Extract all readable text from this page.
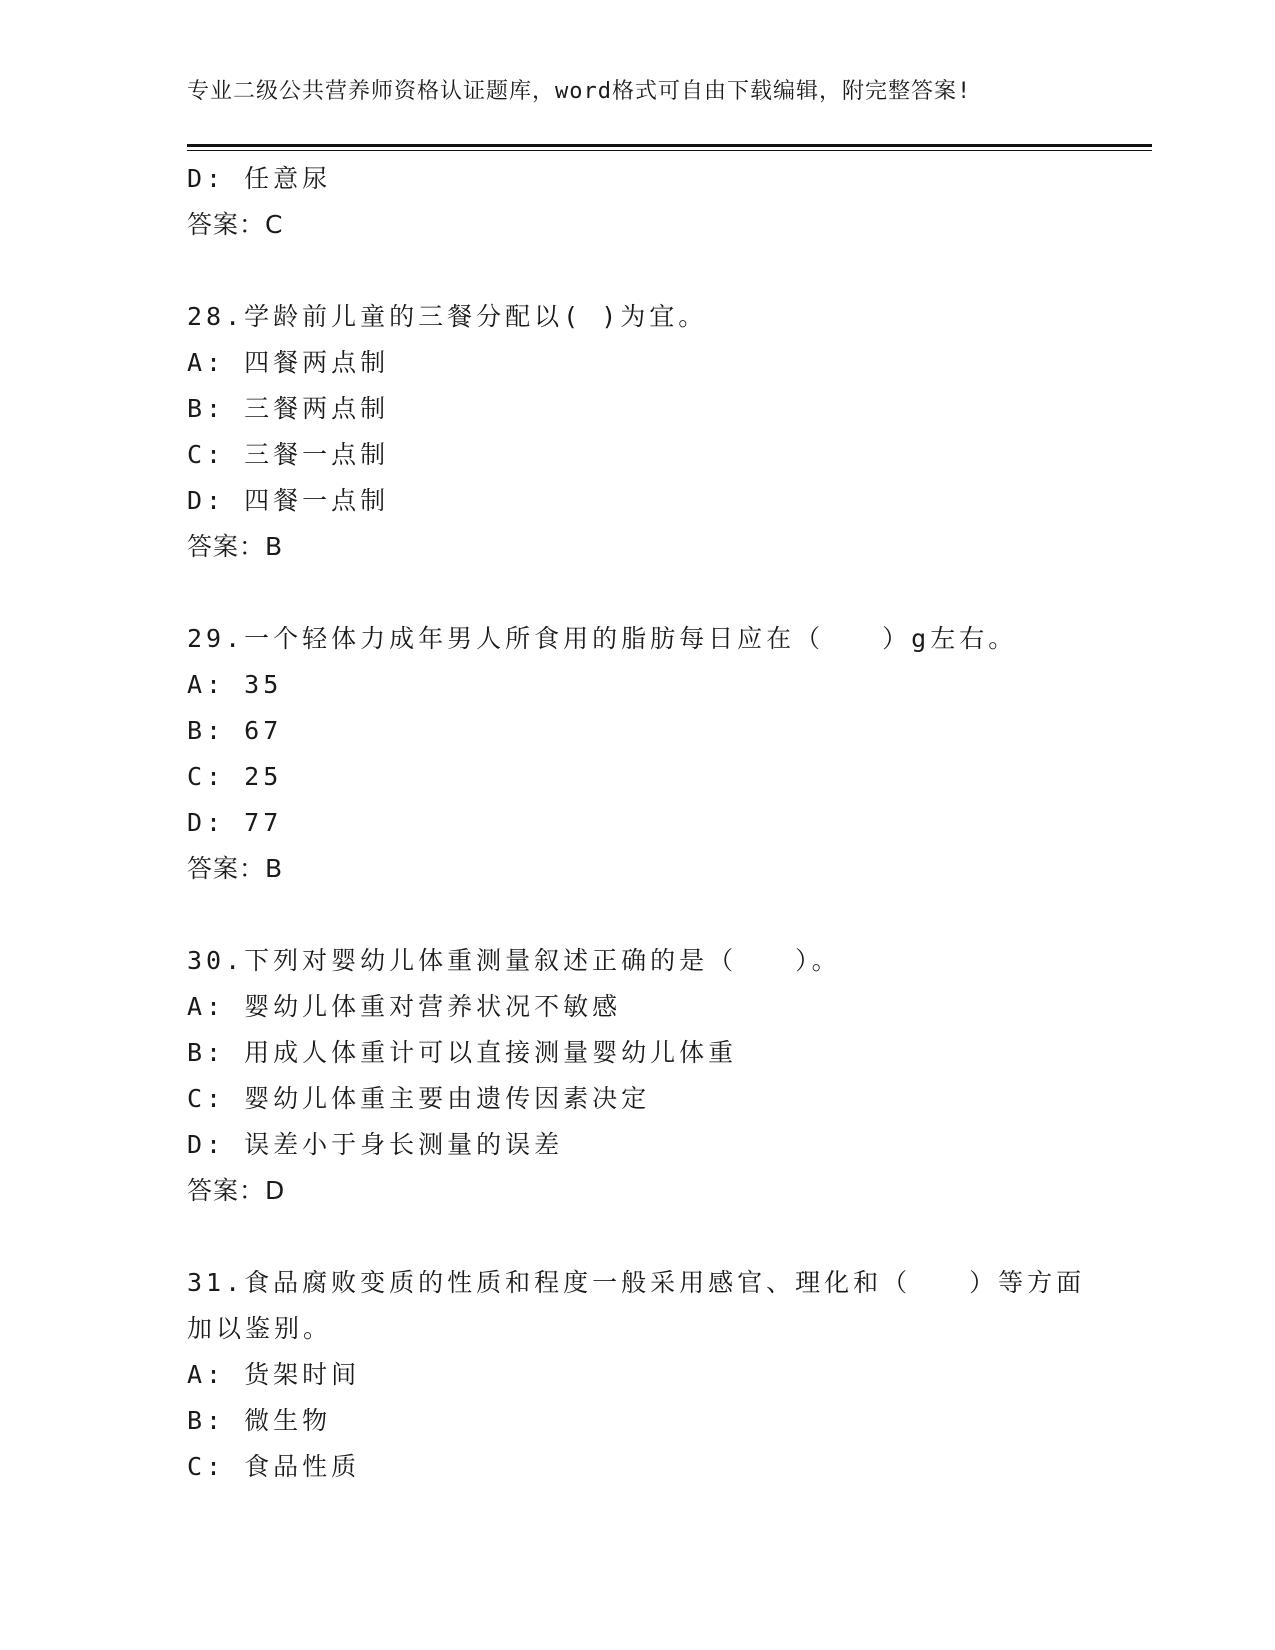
专业二级公共营养师资格认证题库，word格式可自由下载编辑，附完整答案!
D: 任意尿
答案：C
28.学龄前儿童的三餐分配以( )为宜。
A: 四餐两点制
B: 三餐两点制
C: 三餐一点制
D: 四餐一点制
答案：B
29.一个轻体力成年男人所食用的脂肪每日应在（　　）g左右。
A: 35
B: 67
C: 25
D: 77
答案：B
30.下列对婴幼儿体重测量叙述正确的是（　　）。
A: 婴幼儿体重对营养状况不敏感
B: 用成人体重计可以直接测量婴幼儿体重
C: 婴幼儿体重主要由遗传因素决定
D: 误差小于身长测量的误差
答案：D
31.食品腐败变质的性质和程度一般采用感官、理化和（　　）等方面
加以鉴别。
A: 货架时间
B: 微生物
C: 食品性质
